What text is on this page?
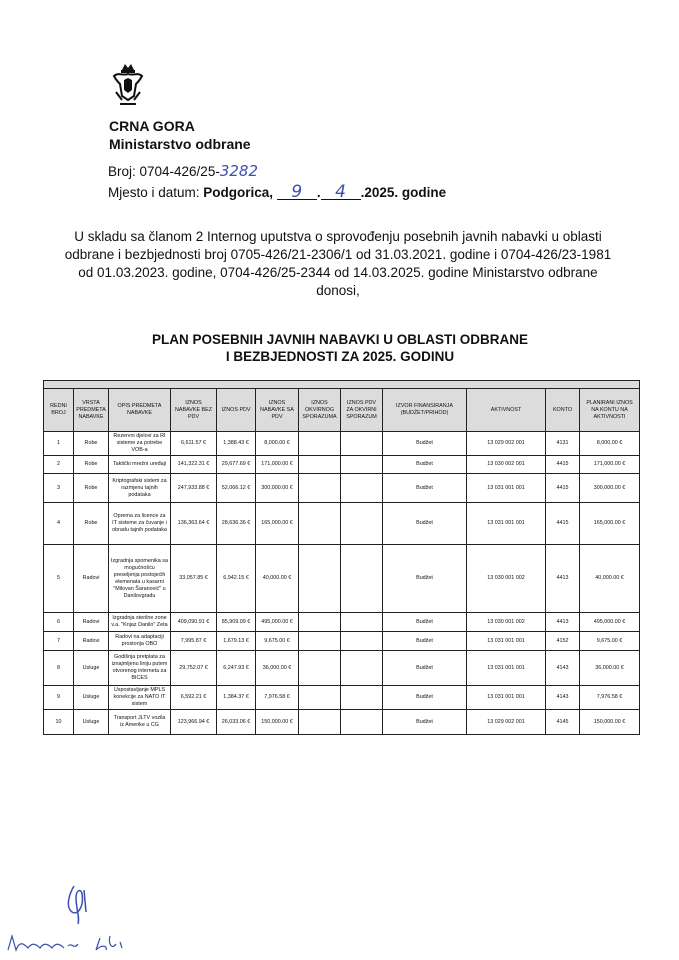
CRNA GORA
Ministarstvo odbrane
Broj: 0704-426/25-3282
Mjesto i datum: Podgorica, 9 . 4 .2025. godine
U skladu sa članom 2 Internog uputstva o sprovođenju posebnih javnih nabavki u oblasti odbrane i bezbjednosti broj 0705-426/21-2306/1 od 31.03.2021. godine i 0704-426/23-1981 od 01.03.2023. godine, 0704-426/25-2344 od 14.03.2025. godine Ministarstvo odbrane donosi,
PLAN POSEBNIH JAVNIH NABAVKI U OBLASTI ODBRANE
I BEZBJEDNOSTI ZA 2025. GODINU

REDNI BROJ	VRSTA PREDMETA NABAVKE	OPIS PREDMETA NABAVKE	IZNOS NABAVKE BEZ PDV	IZNOS PDV	IZNOS NABAVKE SA PDV	IZNOS OKVIRNOG SPORAZUMA	IZNOS PDV ZA OKVIRNI SPORAZUM	IZVOR FINANSIRANJA (BUDŽET/PRIHOD)	AKTIVNOST	KONTO	PLANIRANI IZNOS NA KONTU NA AKTIVNOSTI
1	Robe	Rezervni djelovi za RI sisteme za potrebe VOB-a	6,611.57 €	1,388.43 €	8,000.00 €			Budžet	13 029 002 001	4131	8,000.00 €
2	Robe	Taktički mrežni uređaji	141,322.31 €	29,677.69 €	171,000.00 €			Budžet	13 030 002 001	4415	171,000.00 €
3	Robe	Kriptografski sistem za razmjenu tajnih podataka	247,933.88 €	52,066.12 €	300,000.00 €			Budžet	13 031 001 001	4415	300,000.00 €
4	Robe	Oprema za licence za IT sisteme za čuvanje i obradu tajnih podataka	136,363.64 €	28,636.36 €	165,000.00 €			Budžet	13 031 001 001	4415	165,000.00 €
5	Radovi	Izgradnja spomenika sa mogućnošću preseljenja postojećih elemenata u kasarni "Milovan Šaranović" u Danilovgradu	33,057.85 €	6,942.15 €	40,000.00 €			Budžet	13 030 001 002	4413	40,000.00 €
6	Radovi	Izgradnja sterilne zone v.a. "Knjaz Danilo" Zeta	409,090.91 €	85,909.09 €	495,000.00 €			Budžet	13 030 001 002	4413	495,000.00 €
7	Radovi	Radovi na adaptaciji prostorija OBO	7,995.87 €	1,679.13 €	9,675.00 €			Budžet	13 031 001 001	4152	9,675.00 €
8	Usluge	Godišnja pretplata za iznajmljenu liniju putem otvorenog interneta za BICES	29,752.07 €	6,247.93 €	36,000.00 €			Budžet	13 031 001 001	4143	36,000.00 €
9	Usluge	Uspostavljanje MPLS konekcije za NATO IT sistem	6,592.21 €	1,384.37 €	7,976.58 €			Budžet	13 031 001 001	4143	7,976.58 €
10	Usluge	Transport JLTV vozila iz Amerike u CG	123,966.94 €	26,033.06 €	150,000.00 €			Budžet	13 029 002 001	4145	150,000.00 €
